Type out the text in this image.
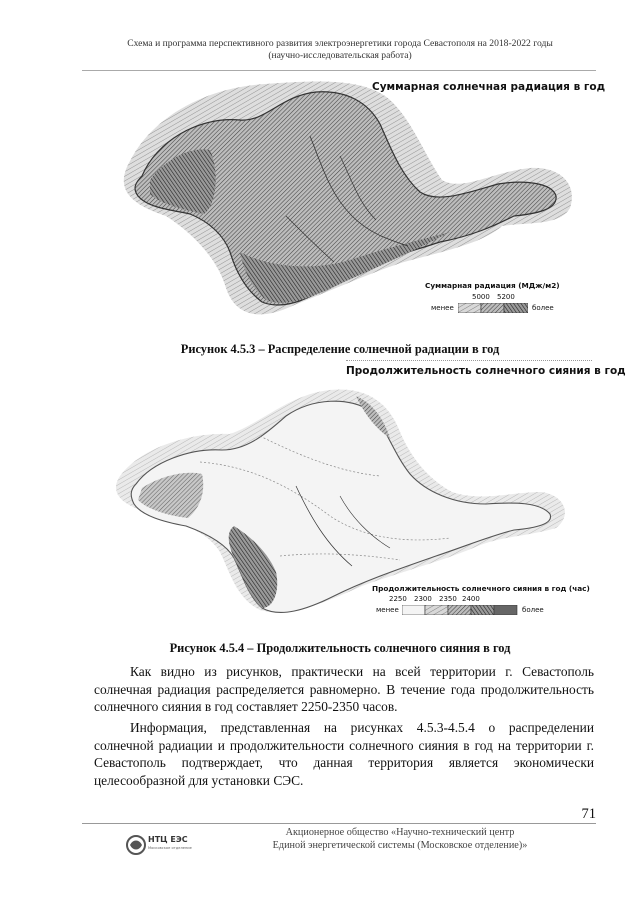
Схема и программа перспективного развития электроэнергетики города Севастополя на 2018-2022 годы
(научно-исследовательская работа)
Суммарная солнечная радиация в год
Суммарная радиация (МДж/м2)
5000 5200
менее	более
Рисунок 4.5.3 – Распределение солнечной радиации в год
Продолжительность солнечного сияния в год
Продолжительность солнечного сияния в год (час)
2250 2300 2350 2400
менее	более
Рисунок 4.5.4 – Продолжительность солнечного сияния в год
Как видно из рисунков, практически на всей территории г. Севастополь солнечная радиация распределяется равномерно. В течение года продолжительность солнечного сияния в год составляет 2250-2350 часов.
Информация, представленная на рисунках 4.5.3-4.5.4 о распределении солнечной радиации и продолжительности солнечного сияния в год на территории г. Севастополь подтверждает, что данная территория является экономически целесообразной для установки СЭС.
71
НТЦ ЕЭС
Московское отделение
Акционерное общество «Научно-технический центр
Единой энергетической системы (Московское отделение)»
